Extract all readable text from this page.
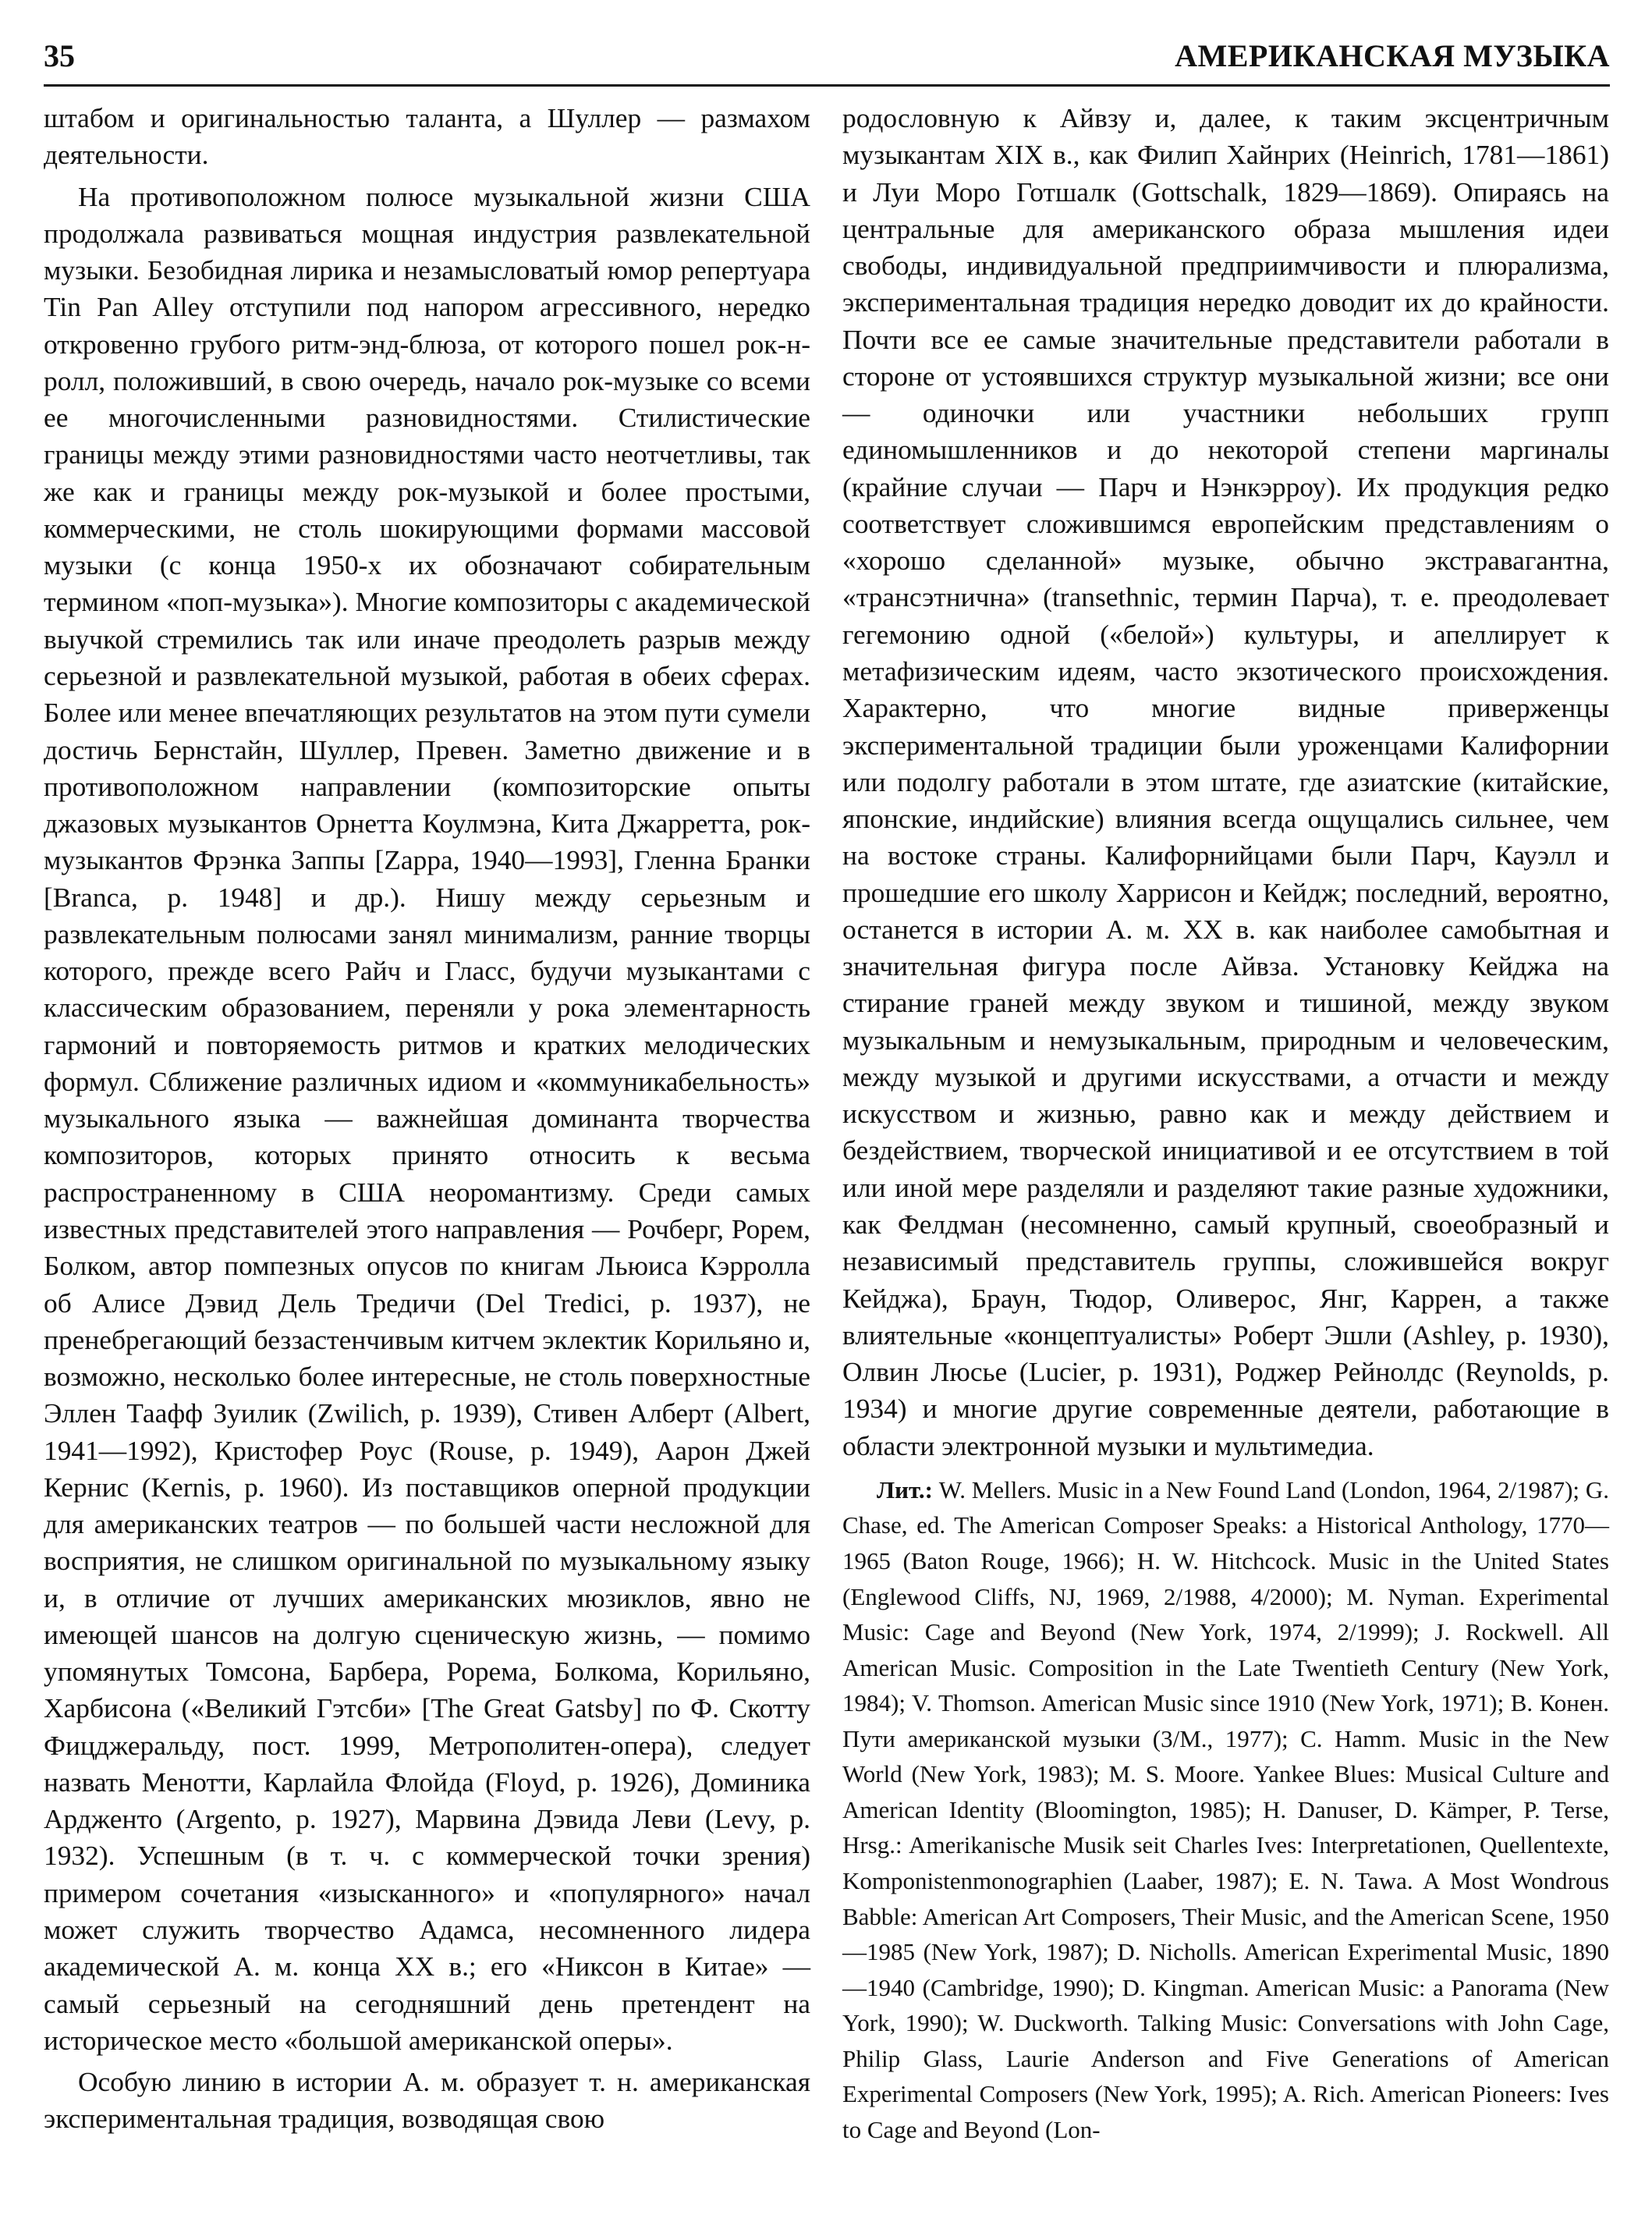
35	АМЕРИКАНСКАЯ МУЗЫКА

штабом и оригинальностью таланта, а Шуллер — размахом деятельности.

На противоположном полюсе музыкальной жизни США продолжала развиваться мощная индустрия развлекательной музыки. Безобидная лирика и незамысловатый юмор репертуара Tin Pan Alley отступили под напором агрессивного, нередко откровенно грубого ритм-энд-блюза, от которого пошел рок-н-ролл, положивший, в свою очередь, начало рок-музыке со всеми ее многочисленными разновидностями. Стилистические границы между этими разновидностями часто неотчетливы, так же как и границы между рок-музыкой и более простыми, коммерческими, не столь шокирующими формами массовой музыки (с конца 1950-х их обозначают собирательным термином «поп-музыка»). Многие композиторы с академической выучкой стремились так или иначе преодолеть разрыв между серьезной и развлекательной музыкой, работая в обеих сферах. Более или менее впечатляющих результатов на этом пути сумели достичь Бернстайн, Шуллер, Превен. Заметно движение и в противоположном направлении (композиторские опыты джазовых музыкантов Орнетта Коулмэна, Кита Джарретта, рок-музыкантов Фрэнка Заппы [Zappa, 1940—1993], Гленна Бранки [Branca, р. 1948] и др.). Нишу между серьезным и развлекательным полюсами занял минимализм, ранние творцы которого, прежде всего Райч и Гласс, будучи музыкантами с классическим образованием, переняли у рока элементарность гармоний и повторяемость ритмов и кратких мелодических формул. Сближение различных идиом и «коммуникабельность» музыкального языка — важнейшая доминанта творчества композиторов, которых принято относить к весьма распространенному в США неоромантизму. Среди самых известных представителей этого направления — Рочберг, Рорем, Болком, автор помпезных опусов по книгам Льюиса Кэрролла об Алисе Дэвид Дель Тредичи (Del Tredici, р. 1937), не пренебрегающий беззастенчивым китчем эклектик Корильяно и, возможно, несколько более интересные, не столь поверхностные Эллен Таафф Зуилик (Zwilich, р. 1939), Стивен Алберт (Albert, 1941—1992), Кристофер Роус (Rouse, р. 1949), Аарон Джей Кернис (Kernis, р. 1960). Из поставщиков оперной продукции для американских театров — по большей части несложной для восприятия, не слишком оригинальной по музыкальному языку и, в отличие от лучших американских мюзиклов, явно не имеющей шансов на долгую сценическую жизнь, — помимо упомянутых Томсона, Барбера, Рорема, Болкома, Корильяно, Харбисона («Великий Гэтсби» [The Great Gatsby] по Ф. Скотту Фицджеральду, пост. 1999, Метрополитен-опера), следует назвать Менотти, Карлайла Флойда (Floyd, р. 1926), Доминика Ардженто (Argento, р. 1927), Марвина Дэвида Леви (Levy, р. 1932). Успешным (в т. ч. с коммерческой точки зрения) примером сочетания «изысканного» и «популярного» начал может служить творчество Адамса, несомненного лидера академической А. м. конца XX в.; его «Никсон в Китае» — самый серьезный на сегодняшний день претендент на историческое место «большой американской оперы».

Особую линию в истории А. м. образует т. н. американская экспериментальная традиция, возводящая свою

родословную к Айвзу и, далее, к таким эксцентричным музыкантам XIX в., как Филип Хайнрих (Heinrich, 1781—1861) и Луи Моро Готшалк (Gottschalk, 1829—1869). Опираясь на центральные для американского образа мышления идеи свободы, индивидуальной предприимчивости и плюрализма, экспериментальная традиция нередко доводит их до крайности. Почти все ее самые значительные представители работали в стороне от устоявшихся структур музыкальной жизни; все они — одиночки или участники небольших групп единомышленников и до некоторой степени маргиналы (крайние случаи — Парч и Нэнкэрроу). Их продукция редко соответствует сложившимся европейским представлениям о «хорошо сделанной» музыке, обычно экстравагантна, «трансэтнична» (transethnic, термин Парча), т. е. преодолевает гегемонию одной («белой») культуры, и апеллирует к метафизическим идеям, часто экзотического происхождения. Характерно, что многие видные приверженцы экспериментальной традиции были уроженцами Калифорнии или подолгу работали в этом штате, где азиатские (китайские, японские, индийские) влияния всегда ощущались сильнее, чем на востоке страны. Калифорнийцами были Парч, Кауэлл и прошедшие его школу Харрисон и Кейдж; последний, вероятно, останется в истории А. м. XX в. как наиболее самобытная и значительная фигура после Айвза. Установку Кейджа на стирание граней между звуком и тишиной, между звуком музыкальным и немузыкальным, природным и человеческим, между музыкой и другими искусствами, а отчасти и между искусством и жизнью, равно как и между действием и бездействием, творческой инициативой и ее отсутствием в той или иной мере разделяли и разделяют такие разные художники, как Фелдман (несомненно, самый крупный, своеобразный и независимый представитель группы, сложившейся вокруг Кейджа), Браун, Тюдор, Оливерос, Янг, Каррен, а также влиятельные «концептуалисты» Роберт Эшли (Ashley, р. 1930), Олвин Люсье (Lucier, р. 1931), Роджер Рейнолдс (Reynolds, р. 1934) и многие другие современные деятели, работающие в области электронной музыки и мультимедиа.

Лит.: W. Mellers. Music in a New Found Land (London, 1964, 2/1987); G. Chase, ed. The American Composer Speaks: a Historical Anthology, 1770—1965 (Baton Rouge, 1966); H. W. Hitchcock. Music in the United States (Englewood Cliffs, NJ, 1969, 2/1988, 4/2000); M. Nyman. Experimental Music: Cage and Beyond (New York, 1974, 2/1999); J. Rockwell. All American Music. Composition in the Late Twentieth Century (New York, 1984); V. Thomson. American Music since 1910 (New York, 1971); В. Конен. Пути американской музыки (3/М., 1977); C. Hamm. Music in the New World (New York, 1983); M. S. Moore. Yankee Blues: Musical Culture and American Identity (Bloomington, 1985); H. Danuser, D. Kämper, P. Terse, Hrsg.: Amerikanische Musik seit Charles Ives: Interpretationen, Quellentexte, Komponistenmonographien (Laaber, 1987); E. N. Tawa. A Most Wondrous Babble: American Art Composers, Their Music, and the American Scene, 1950—1985 (New York, 1987); D. Nicholls. American Experimental Music, 1890—1940 (Cambridge, 1990); D. Kingman. American Music: a Panorama (New York, 1990); W. Duckworth. Talking Music: Conversations with John Cage, Philip Glass, Laurie Anderson and Five Generations of American Experimental Composers (New York, 1995); A. Rich. American Pioneers: Ives to Cage and Beyond (Lon-
